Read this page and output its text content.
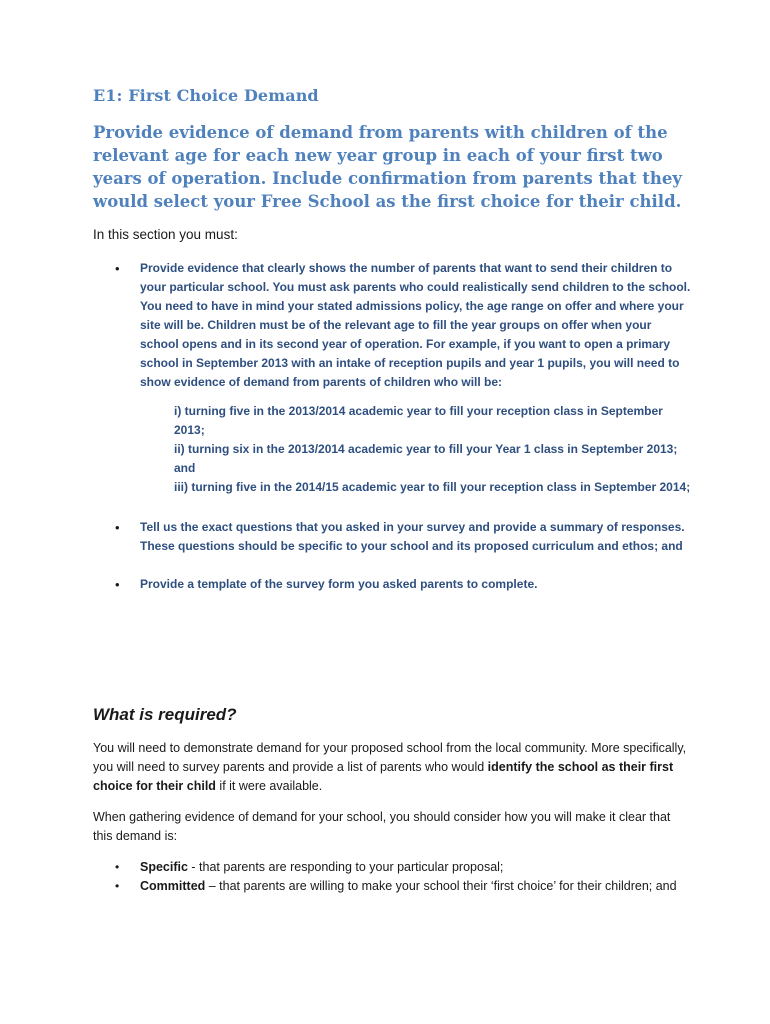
E1: First Choice Demand
Provide evidence of demand from parents with children of the relevant age for each new year group in each of your first two years of operation. Include confirmation from parents that they would select your Free School as the first choice for their child.
In this section you must:
• Provide evidence that clearly shows the number of parents that want to send their children to your particular school. You must ask parents who could realistically send children to the school. You need to have in mind your stated admissions policy, the age range on offer and where your site will be. Children must be of the relevant age to fill the year groups on offer when your school opens and in its second year of operation. For example, if you want to open a primary school in September 2013 with an intake of reception pupils and year 1 pupils, you will need to show evidence of demand from parents of children who will be:

i) turning five in the 2013/2014 academic year to fill your reception class in September 2013;

ii) turning six in the 2013/2014 academic year to fill your Year 1 class in September 2013; and

iii) turning five in the 2014/15 academic year to fill your reception class in September 2014;

• Tell us the exact questions that you asked in your survey and provide a summary of responses. These questions should be specific to your school and its proposed curriculum and ethos; and
• Provide a template of the survey form you asked parents to complete.
What is required?

You will need to demonstrate demand for your proposed school from the local community. More specifically, you will need to survey parents and provide a list of parents who would identify the school as their first choice for their child if it were available.

When gathering evidence of demand for your school, you should consider how you will make it clear that this demand is:

• Specific - that parents are responding to your particular proposal;
• Committed – that parents are willing to make your school their ‘first choice’ for their children; and
